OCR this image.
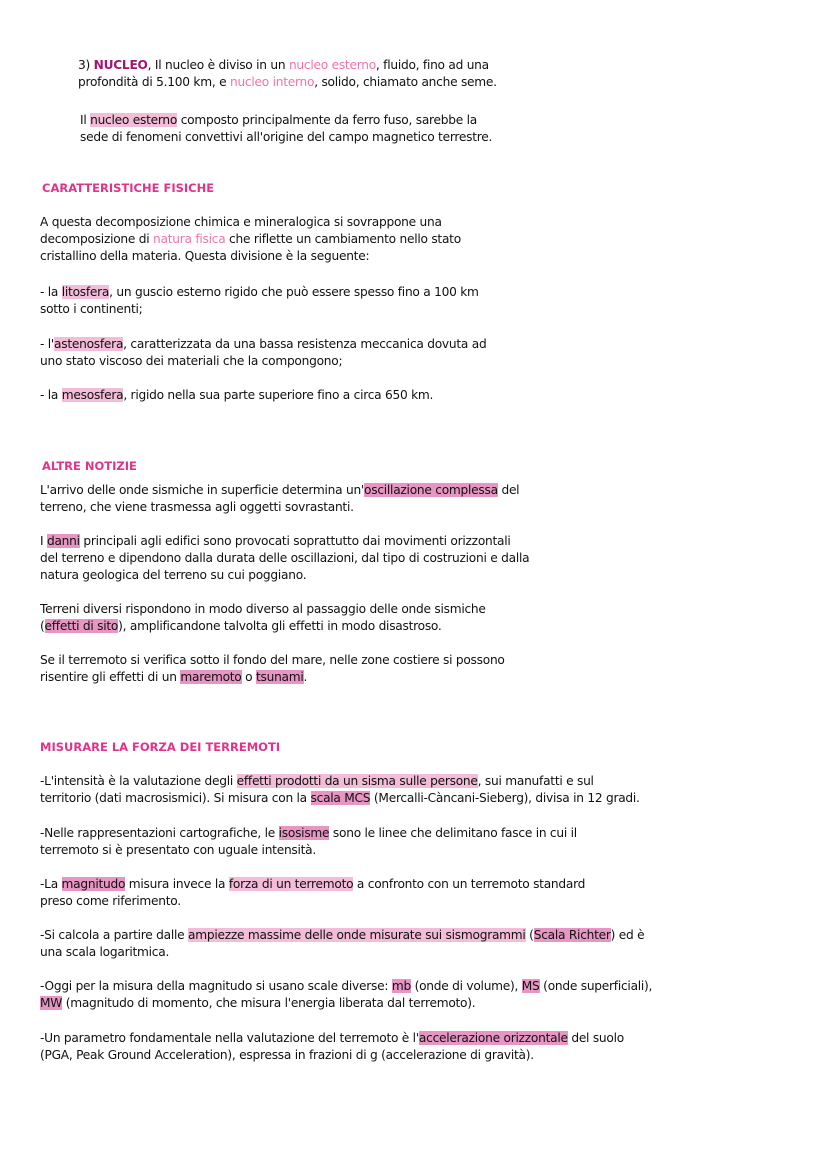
3) NUCLEO, Il nucleo è diviso in un nucleo esterno, fluido, fino ad una
profondità di 5.100 km, e nucleo interno, solido, chiamato anche seme.
Il nucleo esterno composto principalmente da ferro fuso, sarebbe la
sede di fenomeni convettivi all'origine del campo magnetico terrestre.
CARATTERISTICHE FISICHE
A questa decomposizione chimica e mineralogica si sovrappone una
decomposizione di natura fisica che riflette un cambiamento nello stato
cristallino della materia. Questa divisione è la seguente:
- la litosfera, un guscio esterno rigido che può essere spesso fino a 100 km
sotto i continenti;
- l'astenosfera, caratterizzata da una bassa resistenza meccanica dovuta ad
uno stato viscoso dei materiali che la compongono;
- la mesosfera, rigido nella sua parte superiore fino a circa 650 km.
ALTRE NOTIZIE
L'arrivo delle onde sismiche in superficie determina un'oscillazione complessa del
terreno, che viene trasmessa agli oggetti sovrastanti.
I danni principali agli edifici sono provocati soprattutto dai movimenti orizzontali
del terreno e dipendono dalla durata delle oscillazioni, dal tipo di costruzioni e dalla
natura geologica del terreno su cui poggiano.
Terreni diversi rispondono in modo diverso al passaggio delle onde sismiche
(effetti di sito), amplificandone talvolta gli effetti in modo disastroso.
Se il terremoto si verifica sotto il fondo del mare, nelle zone costiere si possono
risentire gli effetti di un maremoto o tsunami.
MISURARE LA FORZA DEI TERREMOTI
-L'intensità è la valutazione degli effetti prodotti da un sisma sulle persone, sui manufatti e sul
territorio (dati macrosismici). Si misura con la scala MCS (Mercalli-Càncani-Sieberg), divisa in 12 gradi.
-Nelle rappresentazioni cartografiche, le isosisme sono le linee che delimitano fasce in cui il
terremoto si è presentato con uguale intensità.
-La magnitudo misura invece la forza di un terremoto a confronto con un terremoto standard
preso come riferimento.
-Si calcola a partire dalle ampiezze massime delle onde misurate sui sismogrammi (Scala Richter) ed è
una scala logaritmica.
-Oggi per la misura della magnitudo si usano scale diverse: mb (onde di volume), MS (onde superficiali),
MW (magnitudo di momento, che misura l'energia liberata dal terremoto).
-Un parametro fondamentale nella valutazione del terremoto è l'accelerazione orizzontale del suolo
(PGA, Peak Ground Acceleration), espressa in frazioni di g (accelerazione di gravità).
